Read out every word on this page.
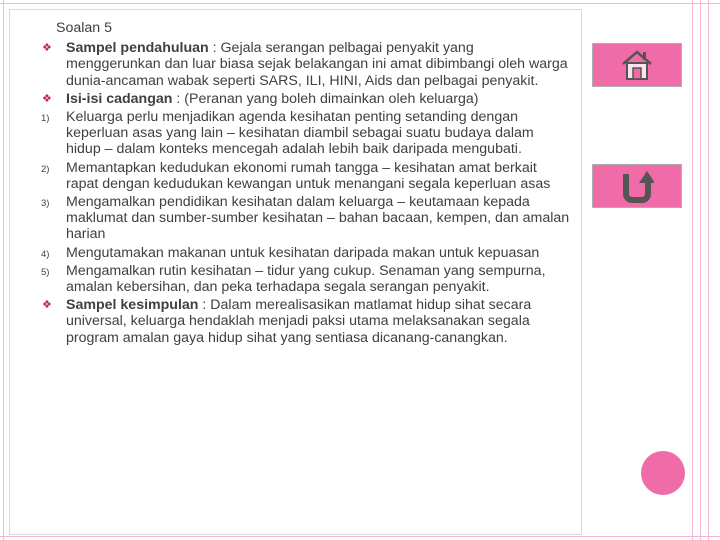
Soalan 5
❖ Sampel pendahuluan : Gejala serangan pelbagai penyakit yang menggerunkan dan luar biasa sejak belakangan ini amat dibimbangi oleh warga dunia-ancaman wabak seperti SARS, ILI, HINI, Aids dan pelbagai penyakit.
❖ Isi-isi cadangan : (Peranan yang boleh dimainkan oleh keluarga)
1) Keluarga perlu menjadikan agenda kesihatan penting setanding dengan keperluan asas yang lain – kesihatan diambil sebagai suatu budaya dalam hidup – dalam konteks mencegah adalah lebih baik daripada mengubati.
2) Memantapkan kedudukan ekonomi rumah tangga – kesihatan amat berkait rapat dengan kedudukan kewangan untuk menangani segala keperluan asas
3) Mengamalkan pendidikan kesihatan dalam keluarga – keutamaan kepada maklumat dan sumber-sumber kesihatan – bahan bacaan, kempen, dan amalan harian
4) Mengutamakan makanan untuk kesihatan daripada makan untuk kepuasan
5) Mengamalkan rutin kesihatan – tidur yang cukup. Senaman yang sempurna, amalan kebersihan, dan peka terhadapa segala serangan penyakit.
❖ Sampel kesimpulan : Dalam merealisasikan matlamat hidup sihat secara universal, keluarga hendaklah menjadi paksi utama melaksanakan segala program amalan gaya hidup sihat yang sentiasa dicanang-canangkan.
Soalan
